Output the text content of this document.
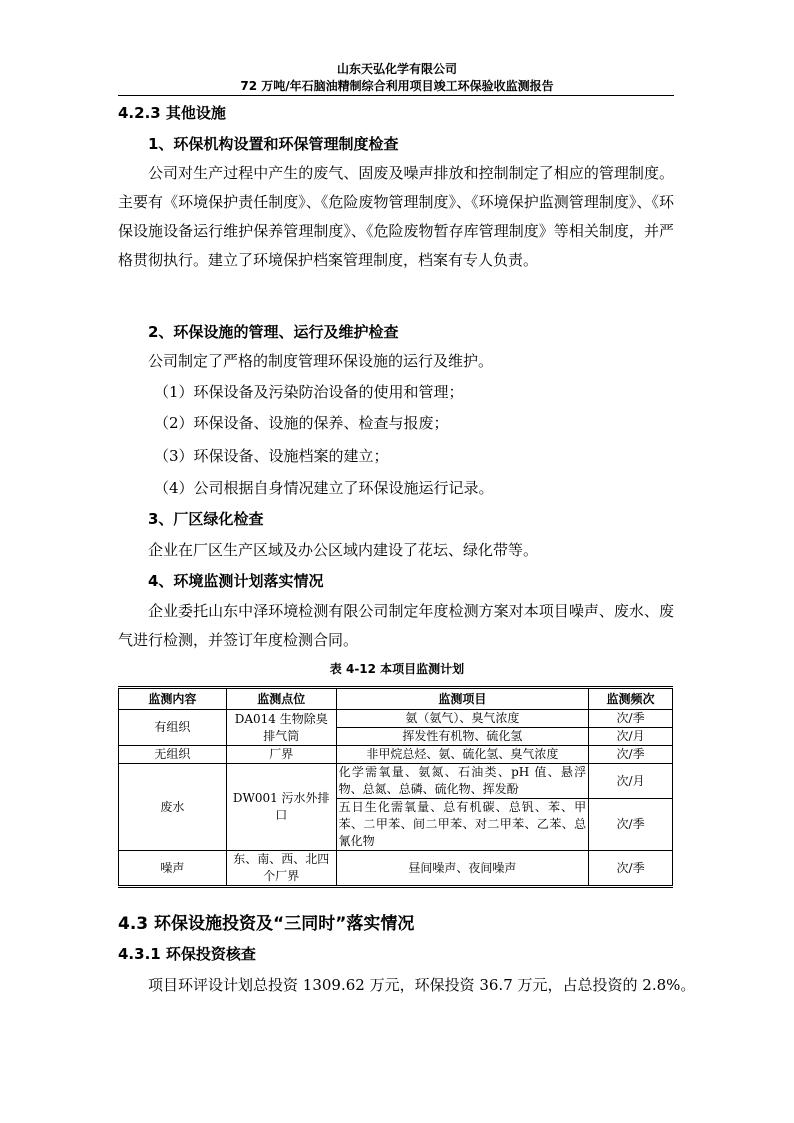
山东天弘化学有限公司
72 万吨/年石脑油精制综合利用项目竣工环保验收监测报告
4.2.3 其他设施
1、环保机构设置和环保管理制度检查
公司对生产过程中产生的废气、固废及噪声排放和控制制定了相应的管理制度。主要有《环境保护责任制度》、《危险废物管理制度》、《环境保护监测管理制度》、《环保设施设备运行维护保养管理制度》、《危险废物暂存库管理制度》等相关制度，并严格贯彻执行。建立了环境保护档案管理制度，档案有专人负责。
2、环保设施的管理、运行及维护检查
公司制定了严格的制度管理环保设施的运行及维护。
（1）环保设备及污染防治设备的使用和管理；
（2）环保设备、设施的保养、检查与报废；
（3）环保设备、设施档案的建立；
（4）公司根据自身情况建立了环保设施运行记录。
3、厂区绿化检查
企业在厂区生产区域及办公区域内建设了花坛、绿化带等。
4、环境监测计划落实情况
企业委托山东中泽环境检测有限公司制定年度检测方案对本项目噪声、废水、废气进行检测，并签订年度检测合同。
表 4-12 本项目监测计划
监测内容	监测点位	监测项目	监测频次
有组织	DA014 生物除臭排气筒	氨（氨气）、臭气浓度	次/季
		挥发性有机物、硫化氢	次/月
无组织	厂界	非甲烷总烃、氨、硫化氢、臭气浓度	次/季
废水	DW001 污水外排口	化学需氧量、氨氮、石油类、pH 值、悬浮物、总氮、总磷、硫化物、挥发酚	次/月
		五日生化需氧量、总有机碳、总钒、苯、甲苯、二甲苯、间二甲苯、对二甲苯、乙苯、总氰化物	次/季
噪声	东、南、西、北四个厂界	昼间噪声、夜间噪声	次/季
4.3 环保设施投资及“三同时”落实情况
4.3.1 环保投资核查
项目环评设计划总投资 1309.62 万元，环保投资 36.7 万元，占总投资的 2.8%。
